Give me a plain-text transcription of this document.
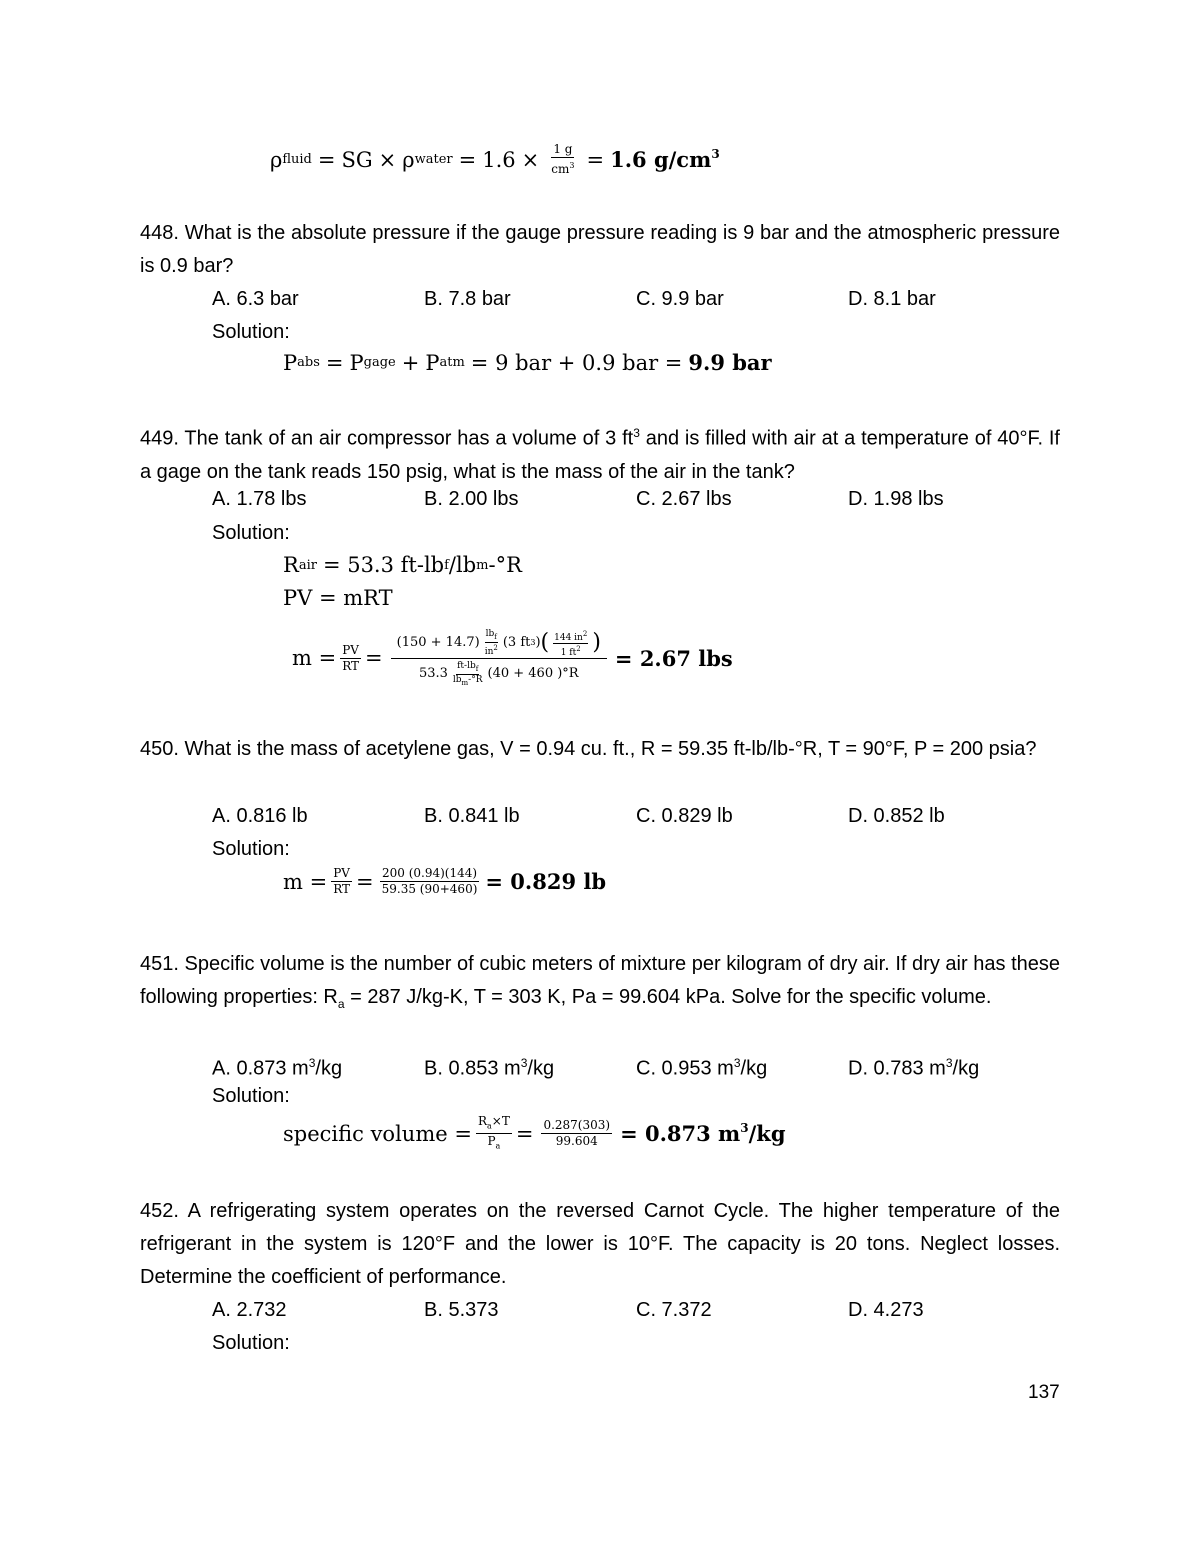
ρ fluid = SG × ρ water = $1.6 \times \frac{1 g}{cm^3} = 1.6$ $g/cm^3$
448. What is the absolute pressure if the gauge pressure reading is 9 bar and the atmospheric pressure is 0.9 bar?
A. 6.3 bar	B. 7.8 bar	C. 9.9 bar	D. 8.1 bar
Solution:
P abs = P gage + P atm = 9 bar + 0.9 bar = 9.9 bar
449. The tank of an air compressor has a volume of 3 $ft^3$ and is filled with air at a temperature of 40°F. If a gage on the tank reads 150 psig, what is the mass of the air in the tank?
A. 1.78 lbs	B. 2.00 lbs	C. 2.67 lbs	D. 1.98 lbs
Solution:
R air = 53.3 ft-lb f /lb m -°R
PV = mRT
$m = \frac{PV}{RT}$ =
$(150 + 14.7) \frac{lb_f}{in^2} (3$ ft 3 ) ( $\frac{144 in^2}{1 ft^2}$ )
$53.3 \frac{ft-lb_f}{lb_m-^\circ R} (40 + 460$ )°R
= 2.67 lbs
450. What is the mass of acetylene gas, V = 0.94 cu. ft., R = 59.35 ft-lb/lb-°R, T = 90°F, P = 200 psia?
A. 0.816 lb	B. 0.841 lb	C. 0.829 lb	D. 0.852 lb
Solution:
$m = \frac{PV}{RT} = \frac{200 (0.94)(144)}{59.35 (90+460)} = 0.829$ lb
451. Specific volume is the number of cubic meters of mixture per kilogram of dry air. If dry air has these following properties: $R_a = 287$ J/kg-K, T = 303 K, Pa = 99.604 kPa. Solve for the specific volume.
A. 0.873 $m^3/kg$	B. 0.853 $m^3/kg$	C. 0.953 $m^3/kg$	D. 0.783 $m^3/kg$
Solution:
specific volume = $\frac{R_a\times T}{P_a} = \frac{0.287(303)}{99.604} = 0.873$ $m^3/kg$
452. A refrigerating system operates on the reversed Carnot Cycle. The higher temperature of the refrigerant in the system is 120°F and the lower is 10°F. The capacity is 20 tons. Neglect losses. Determine the coefficient of performance.
A. 2.732	B. 5.373	C. 7.372	D. 4.273
Solution:
137
